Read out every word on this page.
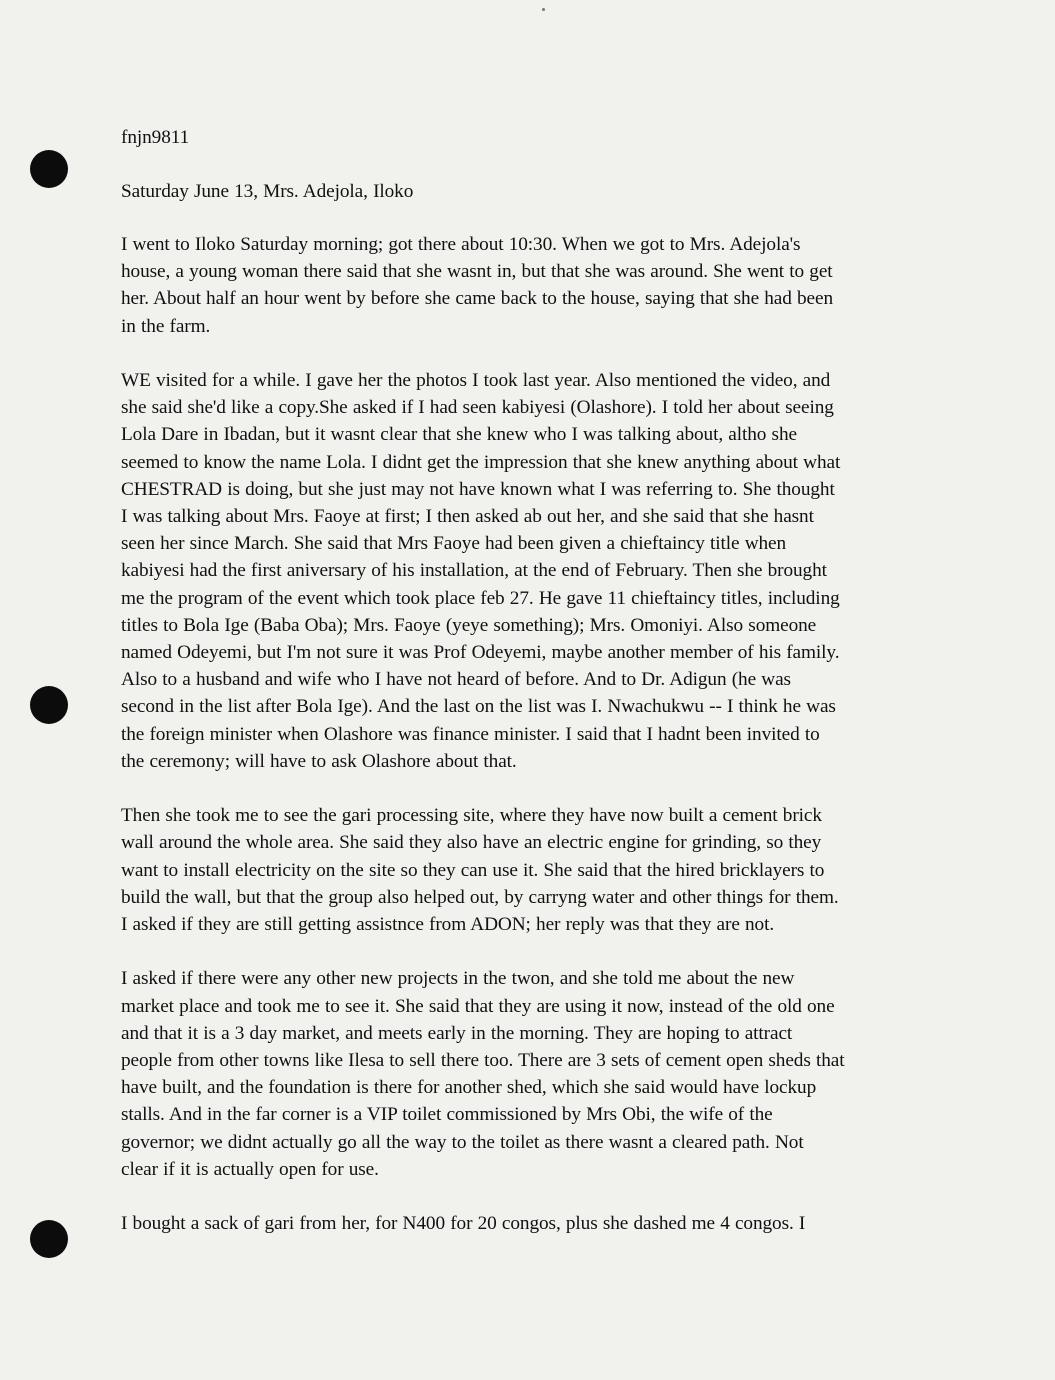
fnjn9811
Saturday June 13, Mrs. Adejola, Iloko

I went to Iloko Saturday morning; got there about 10:30. When we got to Mrs. Adejola's
house, a young woman there said that she wasnt in, but that she was around. She went to get
her. About half an hour went by before she came back to the house, saying that she had been
in the farm.

WE visited for a while. I gave her the photos I took last year. Also mentioned the video, and
she said she'd like a copy.She asked if I had seen kabiyesi (Olashore). I told her about seeing
Lola Dare in Ibadan, but it wasnt clear that she knew who I was talking about, altho she
seemed to know the name Lola. I didnt get the impression that she knew anything about what
CHESTRAD is doing, but she just may not have known what I was referring to. She thought
I was talking about Mrs. Faoye at first; I then asked ab out her, and she said that she hasnt
seen her since March. She said that Mrs Faoye had been given a chieftaincy title when
kabiyesi had the first aniversary of his installation, at the end of February. Then she brought
me the program of the event which took place feb 27. He gave 11 chieftaincy titles, including
titles to Bola Ige (Baba Oba); Mrs. Faoye (yeye something); Mrs. Omoniyi. Also someone
named Odeyemi, but I'm not sure it was Prof Odeyemi, maybe another member of his family.
Also to a husband and wife who I have not heard of before. And to Dr. Adigun (he was
second in the list after Bola Ige). And the last on the list was I. Nwachukwu -- I think he was
the foreign minister when Olashore was finance minister. I said that I hadnt been invited to
the ceremony; will have to ask Olashore about that.

Then she took me to see the gari processing site, where they have now built a cement brick
wall around the whole area. She said they also have an electric engine for grinding, so they
want to install electricity on the site so they can use it. She said that the hired bricklayers to
build the wall, but that the group also helped out, by carryng water and other things for them.
I asked if they are still getting assistnce from ADON; her reply was that they are not.

I asked if there were any other new projects in the twon, and she told me about the new
market place and took me to see it. She said that they are using it now, instead of the old one
and that it is a 3 day market, and meets early in the morning. They are hoping to attract
people from other towns like Ilesa to sell there too. There are 3 sets of cement open sheds that
have built, and the foundation is there for another shed, which she said would have lockup
stalls. And in the far corner is a VIP toilet commissioned by Mrs Obi, the wife of the
governor; we didnt actually go all the way to the toilet as there wasnt a cleared path. Not
clear if it is actually open for use.

I bought a sack of gari from her, for N400 for 20 congos, plus she dashed me 4 congos. I
